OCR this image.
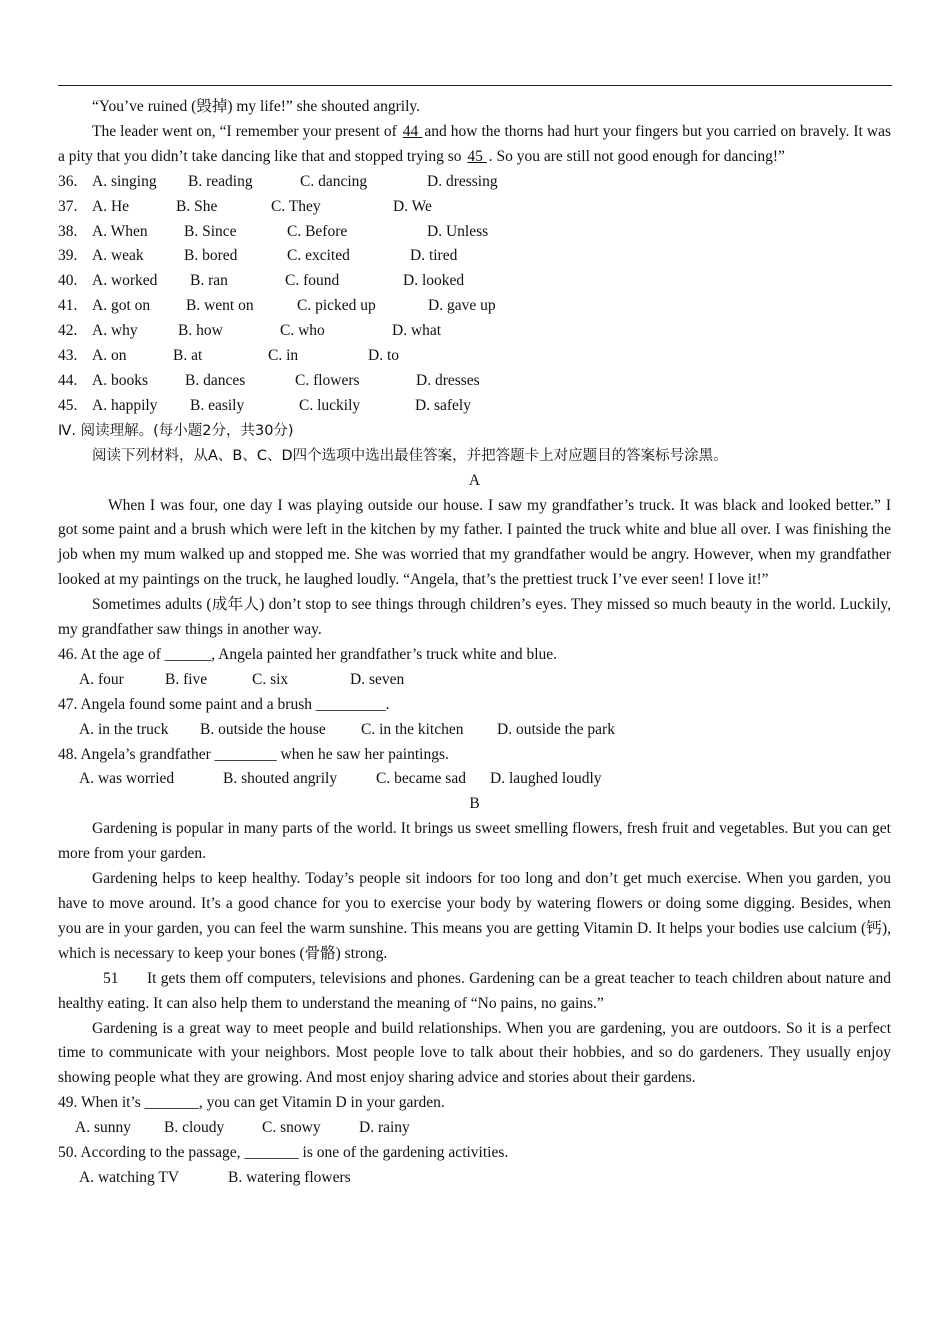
“You’ve ruined (毁掉) my life!” she shouted angrily.

The leader went on, “I remember your present of 44 and how the thorns had hurt your fingers but you carried on bravely. It was a pity that you didn’t take dancing like that and stopped trying so 45 . So you are still not good enough for dancing!”

36. A. singing B. reading	C. dancing	D. dressing
37. A. He	B. She	C. They	D. We
38. A. When B. Since	C. Before	D. Unless
39. A. weak	B. bored	C. excited	D. tired
40. A. worked B. ran	C. found	D. looked
41. A. got on B. went on	C. picked up	D. gave up
42. A. why	B. how	C. who	D. what
43. A. on	B. at	C. in	D. to
44. A. books B. dances	C. flowers	D. dresses
45. A. happily B. easily	C. luckily	D. safely

Ⅳ. 阅读理解。(每小题2分，共30分)

阅读下列材料，从A、B、C、D四个选项中选出最佳答案，并把答题卡上对应题目的答案标号涂黑。

A

When I was four, one day I was playing outside our house. I saw my grandfather’s truck. It was black and looked better.” I got some paint and a brush which were left in the kitchen by my father. I painted the truck white and blue all over. I was finishing the job when my mum walked up and stopped me. She was worried that my grandfather would be angry. However, when my grandfather looked at my paintings on the truck, he laughed loudly. “Angela, that’s the prettiest truck I’ve ever seen! I love it!”

Sometimes adults (成年人) don’t stop to see things through children’s eyes. They missed so much beauty in the world. Luckily, my grandfather saw things in another way.

46. At the age of ______, Angela painted her grandfather’s truck white and blue.

A. four	B. five	C. six	D. seven

47. Angela found some paint and a brush _________.

A. in the truck B. outside the house C. in the kitchen D. outside the park

48. Angela’s grandfather ________ when he saw her paintings.

A. was worried	B. shouted angrily	C. became sad D. laughed loudly

B

Gardening is popular in many parts of the world. It brings us sweet smelling flowers, fresh fruit and vegetables. But you can get more from your garden.

Gardening helps to keep healthy. Today’s people sit indoors for too long and don’t get much exercise. When you garden, you have to move around. It’s a good chance for you to exercise your body by watering flowers or doing some digging. Besides, when you are in your garden, you can feel the warm sunshine. This means you are getting Vitamin D. It helps your bodies use calcium (钙), which is necessary to keep your bones (骨骼) strong.

51 It gets them off computers, televisions and phones. Gardening can be a great teacher to teach children about nature and healthy eating. It can also help them to understand the meaning of “No pains, no gains.”

Gardening is a great way to meet people and build relationships. When you are gardening, you are outdoors. So it is a perfect time to communicate with your neighbors. Most people love to talk about their hobbies, and so do gardeners. They usually enjoy showing people what they are growing. And most enjoy sharing advice and stories about their gardens.

49. When it’s _______, you can get Vitamin D in your garden.

A. sunny B. cloudy C. snowy D. rainy

50. According to the passage, _______ is one of the gardening activities.

A. watching TV	B. watering flowers
